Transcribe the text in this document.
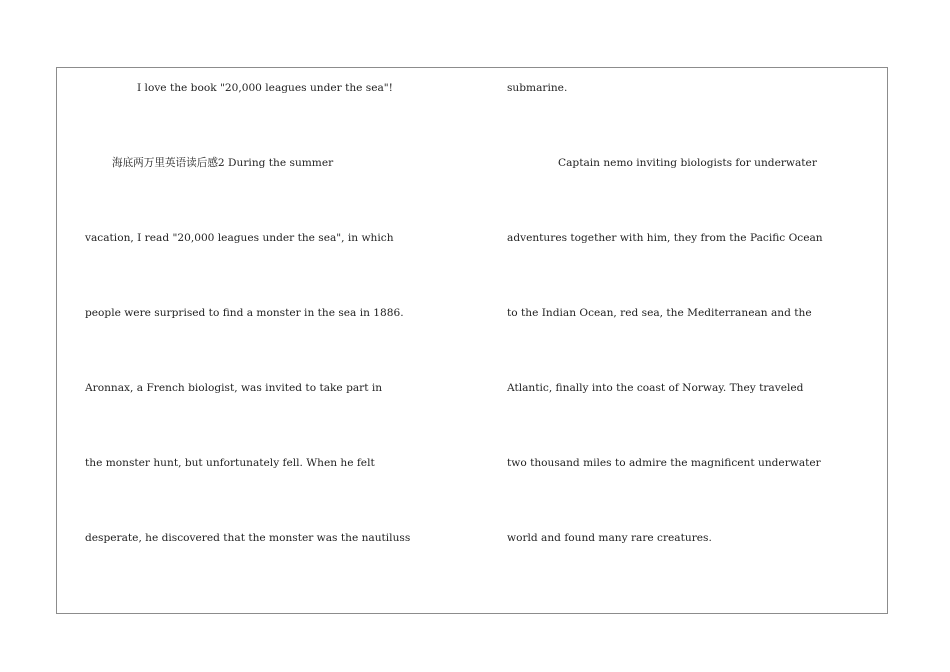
I love the book "20,000 leagues under the sea"!
海底两万里英语读后感2 During the summer
vacation, I read "20,000 leagues under the sea", in which
people were surprised to find a monster in the sea in 1886.
Aronnax, a French biologist, was invited to take part in
the monster hunt, but unfortunately fell. When he felt
desperate, he discovered that the monster was the nautiluss
submarine.
Captain nemo inviting biologists for underwater
adventures together with him, they from the Pacific Ocean
to the Indian Ocean, red sea, the Mediterranean and the
Atlantic, finally into the coast of Norway. They traveled
two thousand miles to admire the magnificent underwater
world and found many rare creatures.
